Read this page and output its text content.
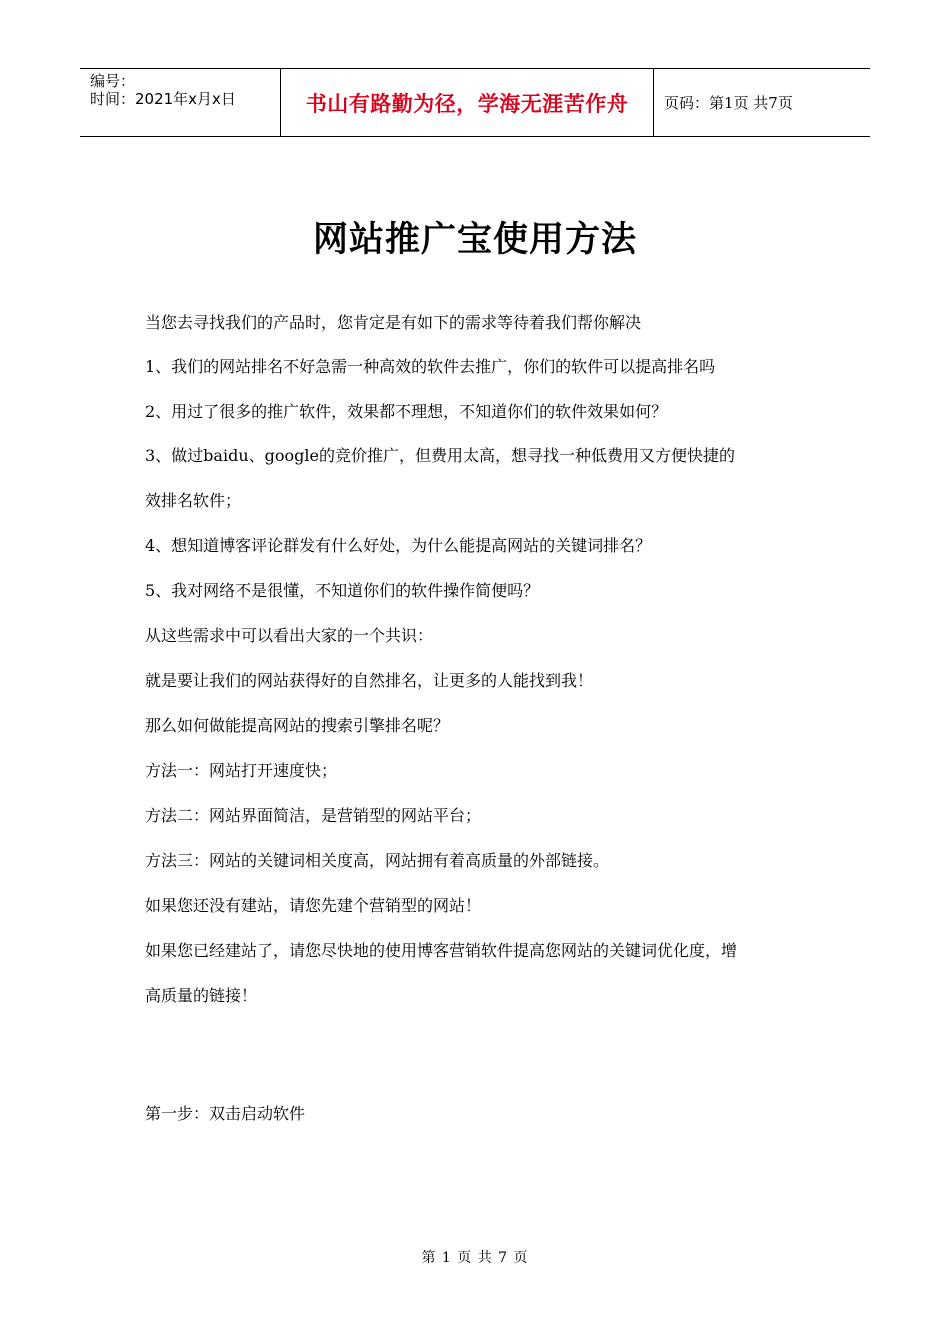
编号：
时间：2021年x月x日	书山有路勤为径，学海无涯苦作舟	页码：第1页 共7页
网站推广宝使用方法
当您去寻找我们的产品时，您肯定是有如下的需求等待着我们帮你解决
1、我们的网站排名不好急需一种高效的软件去推广，你们的软件可以提高排名吗
2、用过了很多的推广软件，效果都不理想，不知道你们的软件效果如何？
3、做过baidu、google的竞价推广，但费用太高，想寻找一种低费用又方便快捷的
效排名软件；
4、想知道博客评论群发有什么好处，为什么能提高网站的关键词排名？
5、我对网络不是很懂，不知道你们的软件操作简便吗？
从这些需求中可以看出大家的一个共识：
就是要让我们的网站获得好的自然排名，让更多的人能找到我！
那么如何做能提高网站的搜索引擎排名呢？
方法一：网站打开速度快；
方法二：网站界面简洁，是营销型的网站平台；
方法三：网站的关键词相关度高，网站拥有着高质量的外部链接。
如果您还没有建站，请您先建个营销型的网站！
如果您已经建站了，请您尽快地的使用博客营销软件提高您网站的关键词优化度，增
高质量的链接！
第一步：双击启动软件
第 1 页 共 7 页
